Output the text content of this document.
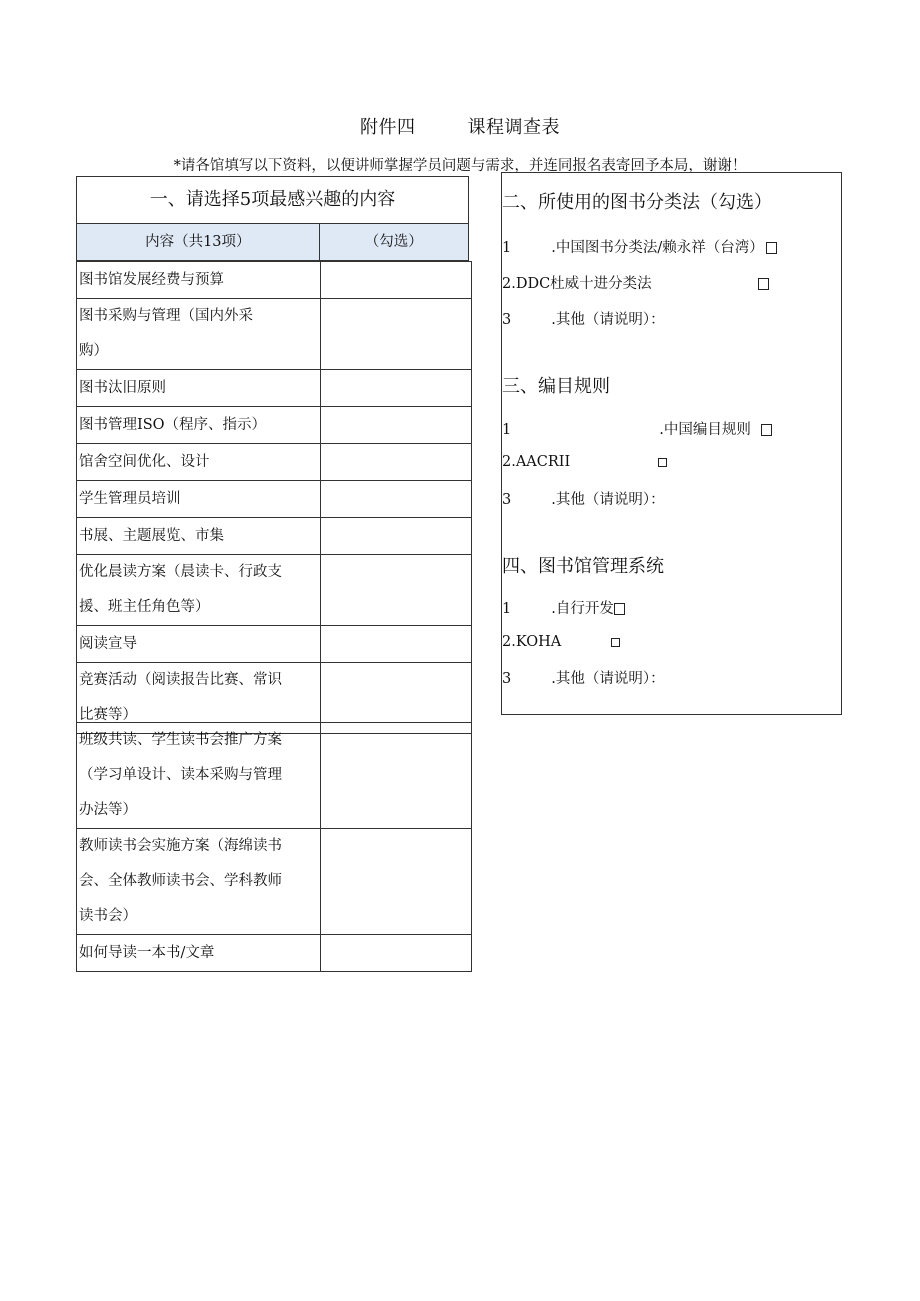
附件四	课程调查表
*请各馆填写以下资料，以便讲师掌握学员问题与需求，并连同报名表寄回予本局，谢谢！
一、请选择5项最感兴趣的内容
内容（共13项）	（勾选）
图书馆发展经费与预算	

图书采购与管理（国内外采
购）	

图书汰旧原则	

图书管理ISO（程序、指示）	

馆舍空间优化、设计	

学生管理员培训	

书展、主题展览、市集	

优化晨读方案（晨读卡、行政支
援、班主任角色等）	

阅读宣导	

竞赛活动（阅读报告比赛、常识
比赛等）	

班级共读、学生读书会推广方案
（学习单设计、读本采购与管理
办法等）	

教师读书会实施方案（海绵读书
会、全体教师读书会、学科教师
读书会）	

如何导读一本书/文章	

二、所使用的图书分类法（勾选）
1	.中国图书分类法/赖永祥（台湾）
2.DDC杜威十进分类法
3	.其他（请说明）：
三、编目规则
1	.中国编目规则
2.AACRII
3	.其他（请说明）：
四、图书馆管理系统
1	.自行开发
2.KOHA
3	.其他（请说明）：
